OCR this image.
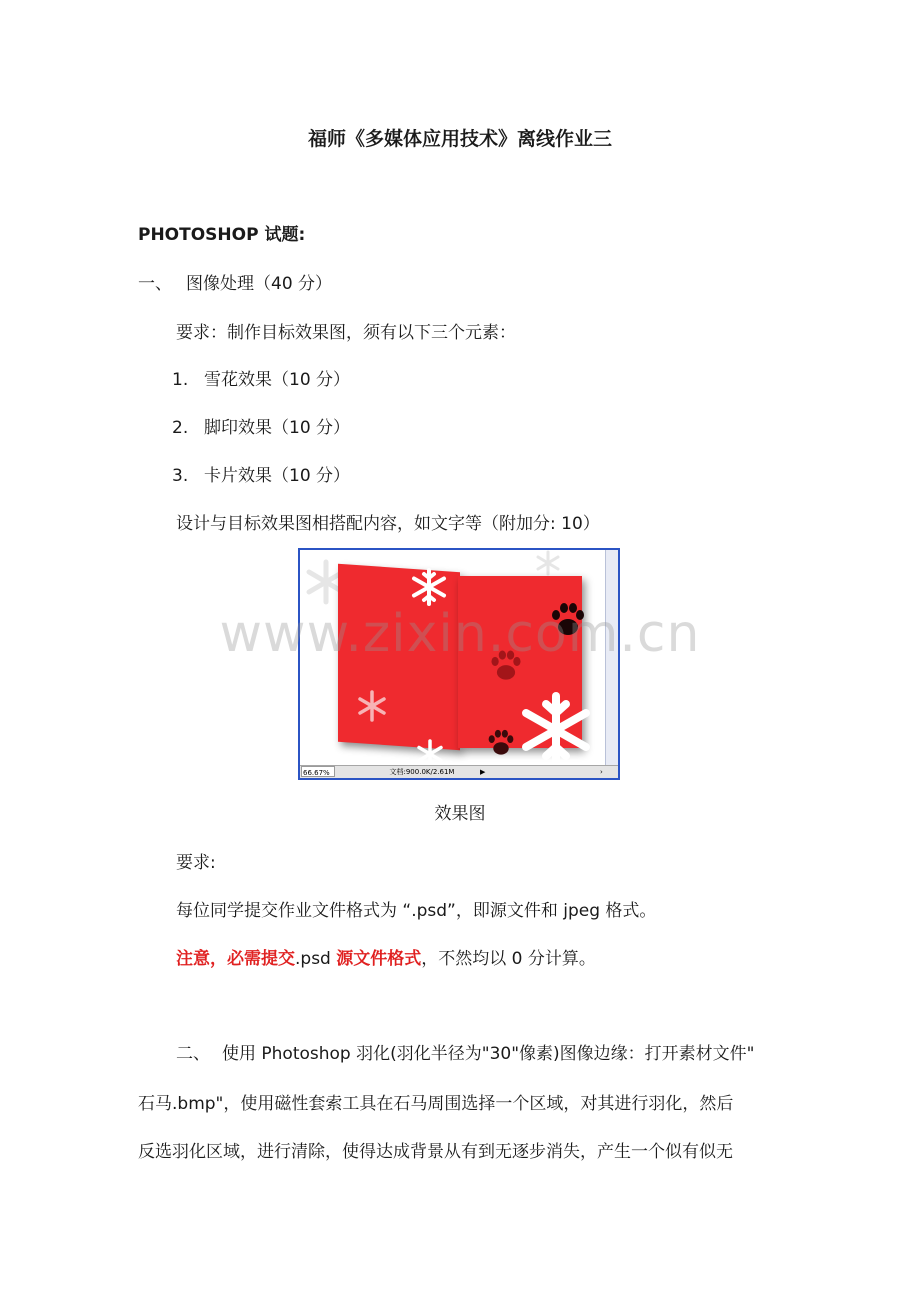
福师《多媒体应用技术》离线作业三
PHOTOSHOP 试题:
一、 图像处理（40 分）
要求：制作目标效果图，须有以下三个元素：
1. 雪花效果（10 分）
2. 脚印效果（10 分）
3. 卡片效果（10 分）
设计与目标效果图相搭配内容，如文字等（附加分: 10）
66.67%	文档:900.0K/2.61M	▶	›
www.zixin.com.cn
效果图
要求:
每位同学提交作业文件格式为 “.psd”，即源文件和 jpeg 格式。
注意，必需提交.psd 源文件格式，不然均以 0 分计算。
二、 使用 Photoshop 羽化(羽化半径为"30"像素)图像边缘：打开素材文件"
石马.bmp"，使用磁性套索工具在石马周围选择一个区域，对其进行羽化，然后
反选羽化区域，进行清除，使得达成背景从有到无逐步消失，产生一个似有似无
